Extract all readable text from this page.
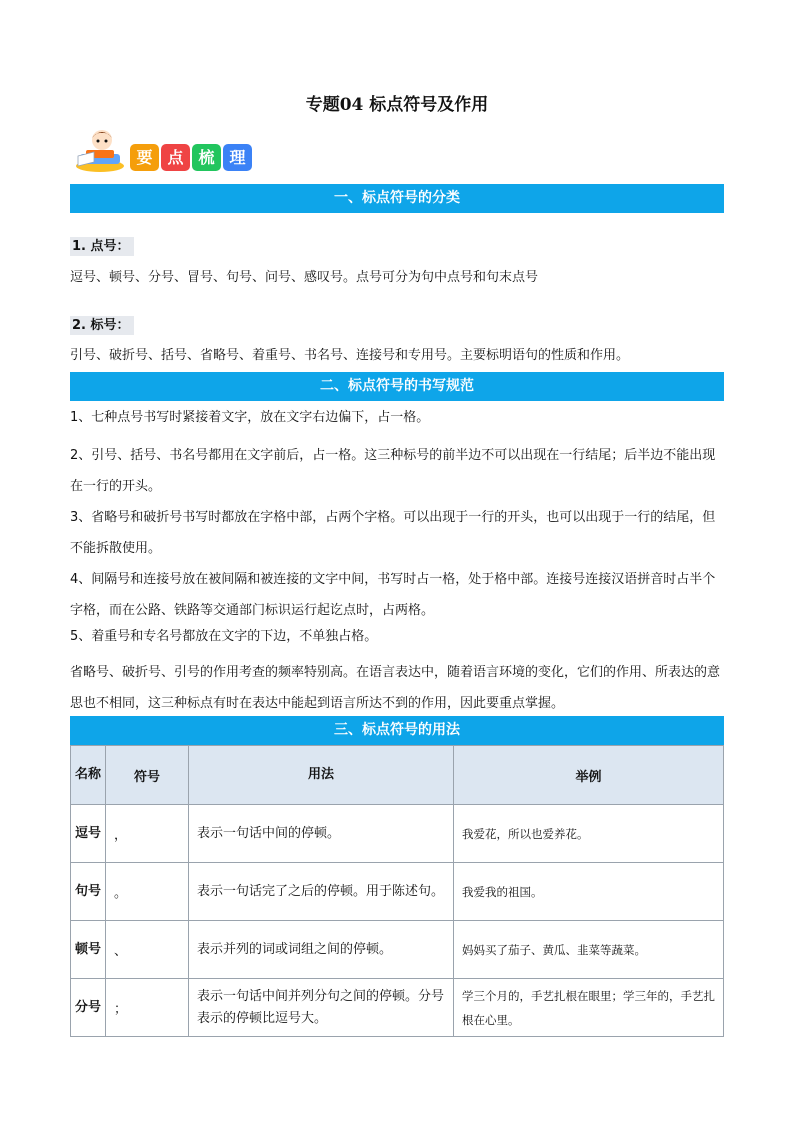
专题04 标点符号及作用
要 点 梳 理
一、标点符号的分类
1. 点号：
逗号、顿号、分号、冒号、句号、问号、感叹号。点号可分为句中点号和句末点号
2. 标号：
引号、破折号、括号、省略号、着重号、书名号、连接号和专用号。主要标明语句的性质和作用。
二、标点符号的书写规范
1、七种点号书写时紧接着文字，放在文字右边偏下，占一格。
2、引号、括号、书名号都用在文字前后，占一格。这三种标号的前半边不可以出现在一行结尾；后半边不能出现在一行的开头。
3、省略号和破折号书写时都放在字格中部，占两个字格。可以出现于一行的开头，也可以出现于一行的结尾，但不能拆散使用。
4、间隔号和连接号放在被间隔和被连接的文字中间，书写时占一格，处于格中部。连接号连接汉语拼音时占半个字格，而在公路、铁路等交通部门标识运行起讫点时，占两格。
5、着重号和专名号都放在文字的下边，不单独占格。
省略号、破折号、引号的作用考查的频率特别高。在语言表达中，随着语言环境的变化，它们的作用、所表达的意思也不相同，这三种标点有时在表达中能起到语言所达不到的作用，因此要重点掌握。
三、标点符号的用法
名称	符号	用法	举例
逗号	，	表示一句话中间的停顿。	我爱花，所以也爱养花。
句号	。	表示一句话完了之后的停顿。用于陈述句。	我爱我的祖国。
顿号	、	表示并列的词或词组之间的停顿。	妈妈买了茄子、黄瓜、韭菜等蔬菜。
分号	；	表示一句话中间并列分句之间的停顿。分号表示的停顿比逗号大。	学三个月的，手艺扎根在眼里；学三年的，手艺扎根在心里。
